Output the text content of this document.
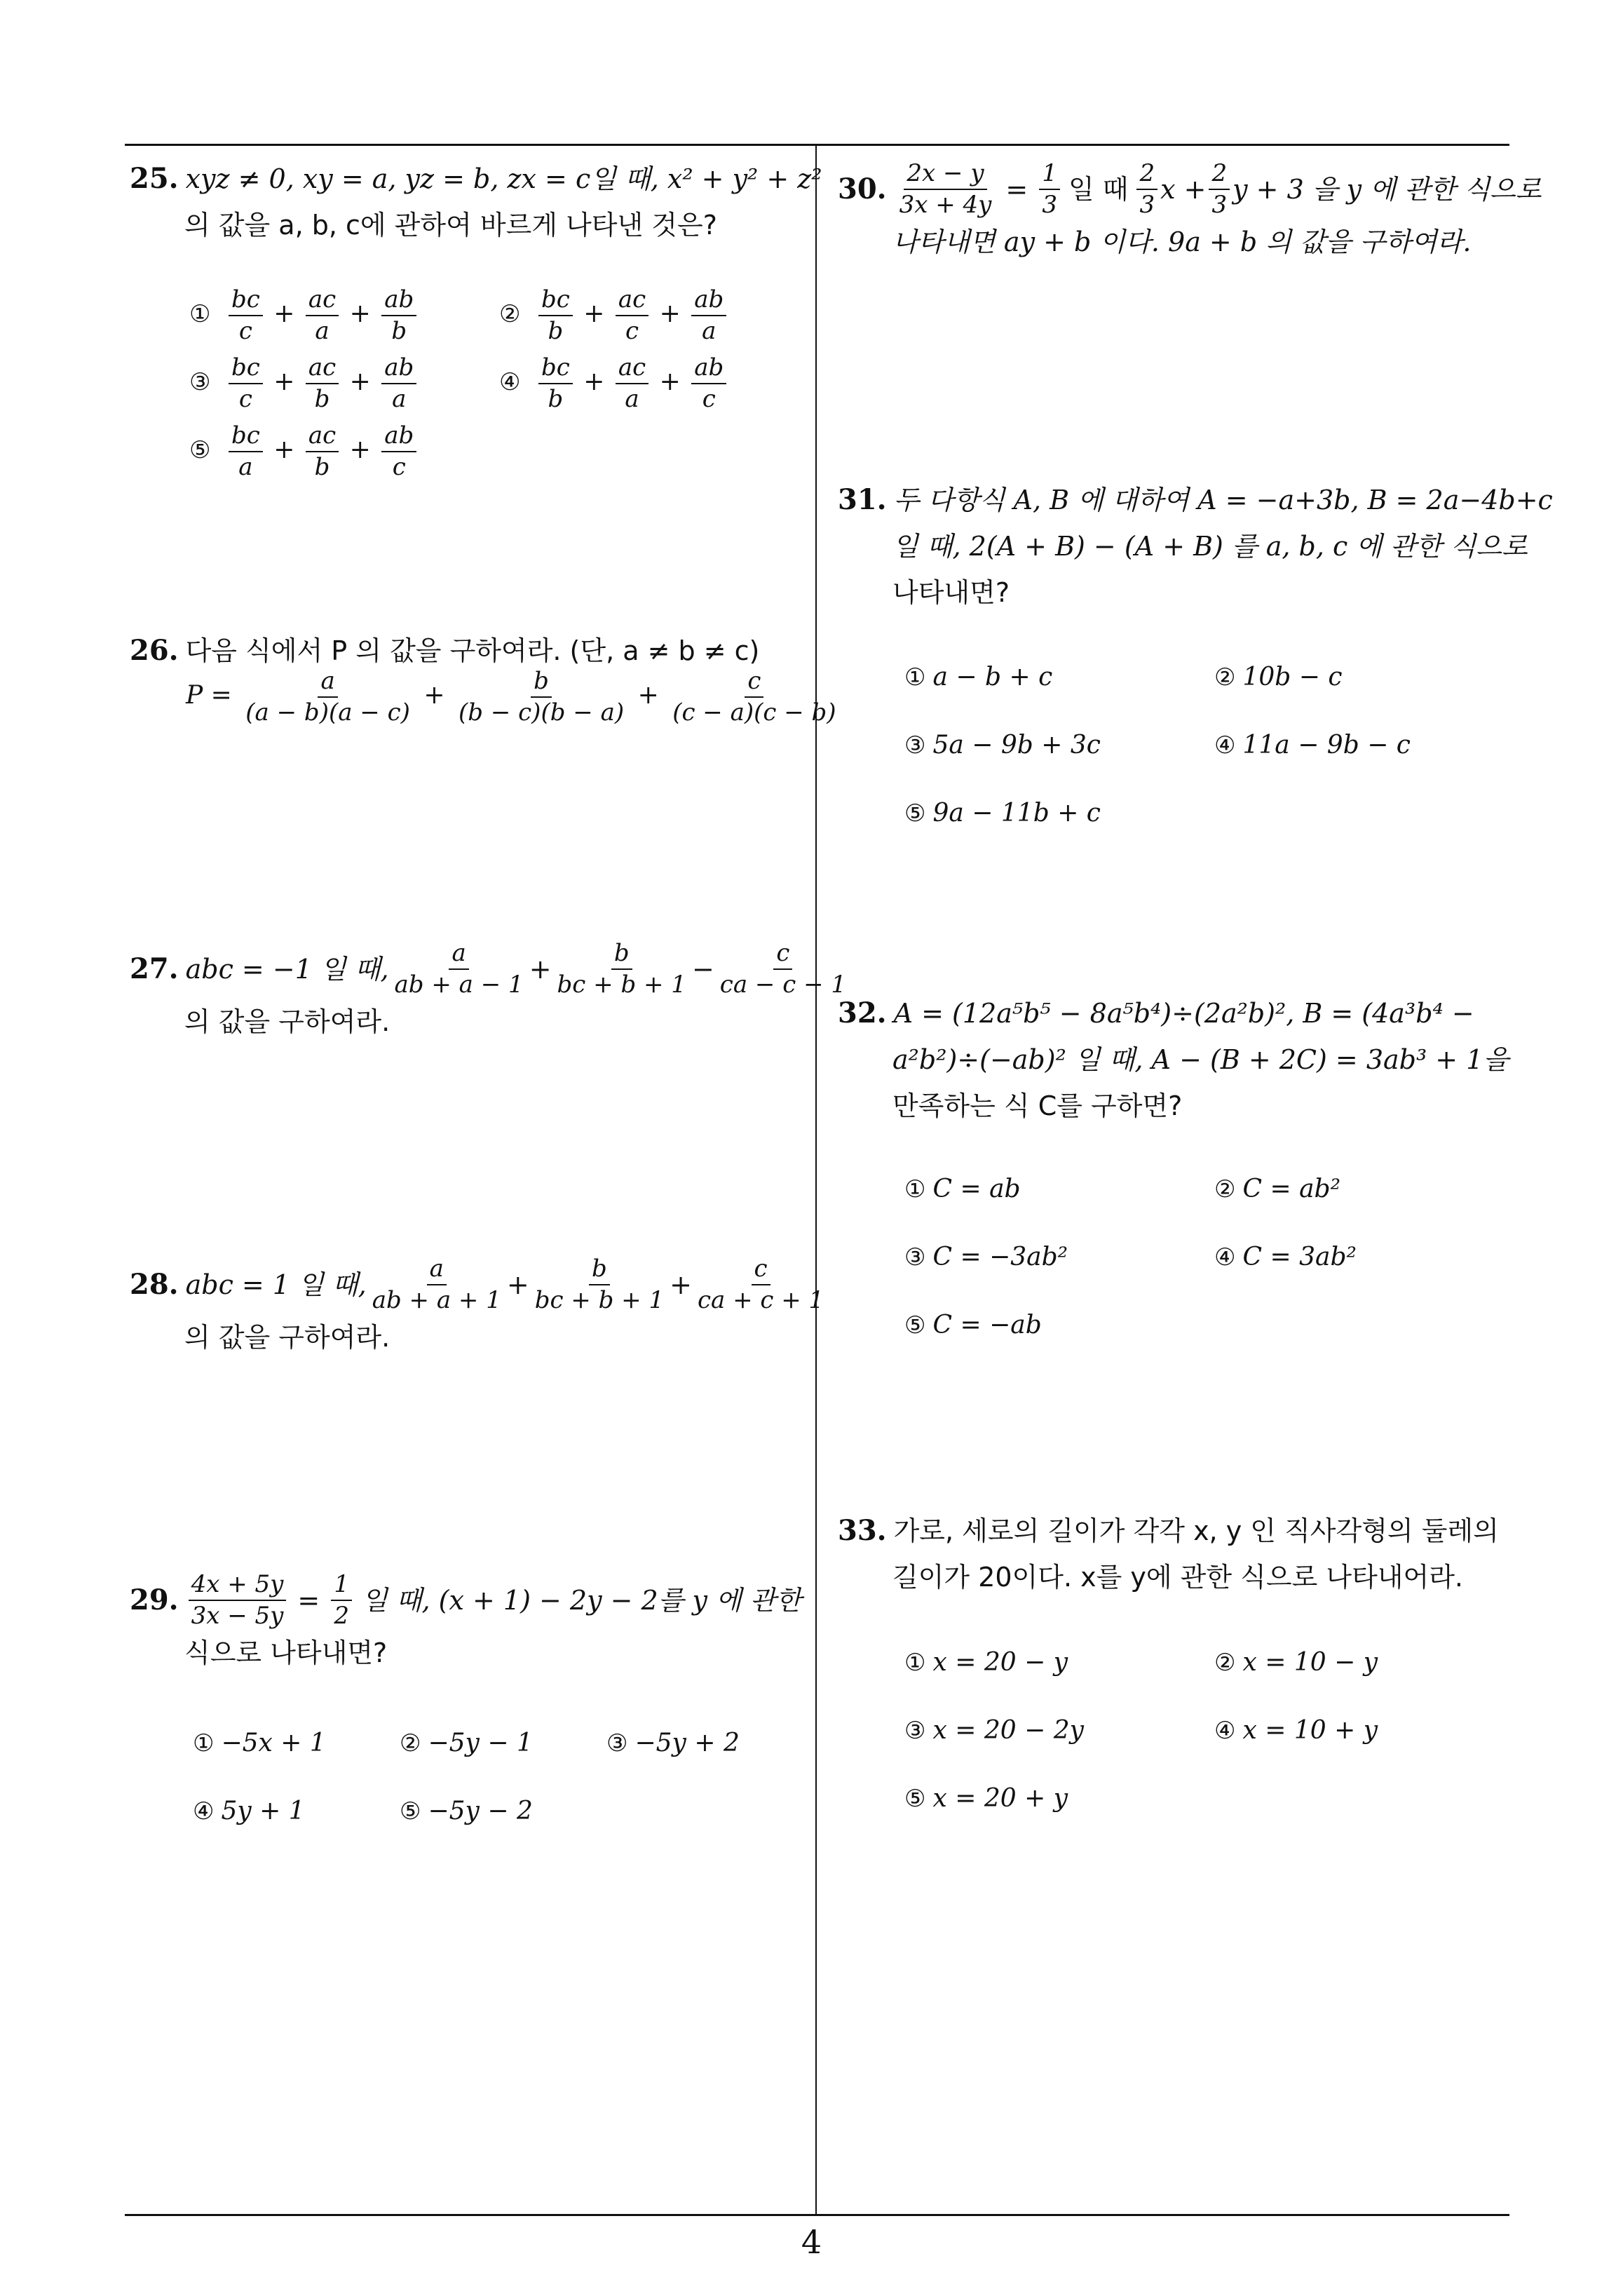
25. xyz ≠ 0, xy = a, yz = b, zx = c일 때, x² + y² + z²
의 값을 a, b, c에 관하여 바르게 나타낸 것은?
① $\frac{bc}{c} + \frac{ac}{a} + \frac{ab}{b}$	② $\frac{bc}{b} + \frac{ac}{c} + \frac{ab}{a}$
③ $\frac{bc}{c} + \frac{ac}{b} + \frac{ab}{a}$	④ $\frac{bc}{b} + \frac{ac}{a} + \frac{ab}{c}$
⑤ $\frac{bc}{a} + \frac{ac}{b} + \frac{ab}{c}$
26. 다음 식에서 P 의 값을 구하여라. (단, a ≠ b ≠ c)
$P = \frac{a}{(a - b)(a - c)} + \frac{b}{(b - c)(b - a)} + \frac{c}{(c - a)(c - b)}$
27. abc = −1 일 때, $\frac{a}{ab + a - 1} + \frac{b}{bc + b + 1} - \frac{c}{ca - c - 1}$
의 값을 구하여라.
28. abc = 1 일 때, $\frac{a}{ab + a + 1} + \frac{b}{bc + b + 1} + \frac{c}{ca + c + 1}$
의 값을 구하여라.
29. $\frac{4x + 5y}{3x - 5y} = \frac{1}{2}$ 일 때, (x + 1) − 2y − 2를 y 에 관한
식으로 나타내면?
① −5x + 1	② −5y − 1	③ −5y + 2
④ 5y + 1	⑤ −5y − 2
30. $\frac{2x - y}{3x + 4y} = \frac{1}{3}$ 일 때 $\frac{2}{3}$ $x + \frac{2}{3}$ y + 3 을 y 에 관한 식으로
나타내면 ay + b 이다. 9a + b 의 값을 구하여라.
31. 두 다항식 A, B 에 대하여 A = −a+3b, B = 2a−4b+c
일 때, 2(A + B) − (A + B) 를 a, b, c 에 관한 식으로
나타내면?
① a − b + c	② 10b − c
③ 5a − 9b + 3c	④ 11a − 9b − c
⑤ 9a − 11b + c
32. A = (12a⁵b⁵ − 8a⁵b⁴)÷(2a²b)², B = (4a³b⁴ −
a²b²)÷(−ab)² 일 때, A − (B + 2C) = 3ab³ + 1을
만족하는 식 C를 구하면?
① C = ab	② C = ab²
③ C = −3ab²	④ C = 3ab²
⑤ C = −ab
33. 가로, 세로의 길이가 각각 x, y 인 직사각형의 둘레의
길이가 20이다. x를 y에 관한 식으로 나타내어라.
① x = 20 − y	② x = 10 − y
③ x = 20 − 2y	④ x = 10 + y
⑤ x = 20 + y
4
